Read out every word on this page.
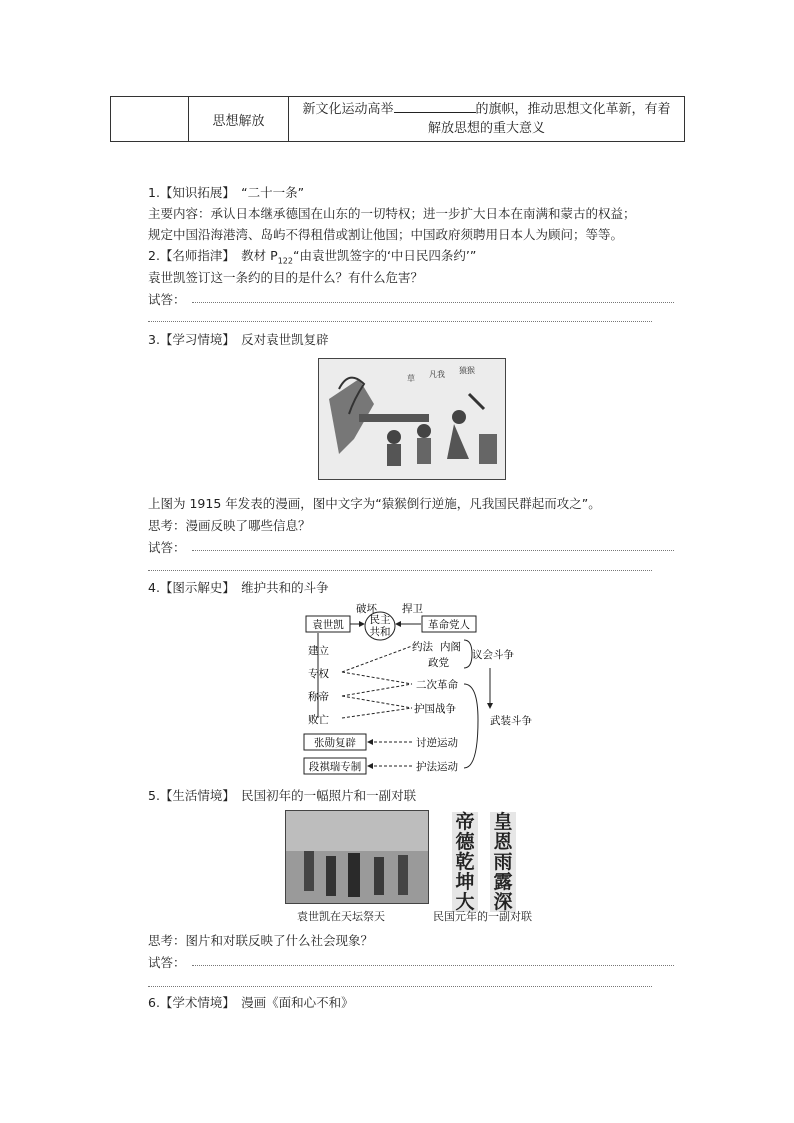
	思想解放	新文化运动高举	的旗帜，推动思想文化革新，有着
解放思想的重大意义
1.【知识拓展】　“二十一条”
主要内容：承认日本继承德国在山东的一切特权；进一步扩大日本在南满和蒙古的权益；
规定中国沿海港湾、岛屿不得租借或割让他国；中国政府须聘用日本人为顾问；等等。
2.【名师指津】　教材 $P_{122}“$由袁世凯签字的‘中日民四条约’”
袁世凯签订这一条约的目的是什么？有什么危害？
试答：
3.【学习情境】　反对袁世凯复辟
草 凡我 猿猴
上图为 1915 年发表的漫画，图中文字为“猿猴倒行逆施，凡我国民群起而攻之”。
思考：漫画反映了哪些信息？
试答：
4.【图示解史】　维护共和的斗争
袁世凯 民主
共和
革命党人
破坏 捍卫
建立
专权
称帝
败亡
约法 内阁
政党
二次革命
护国战争
议会斗争
武装斗争
张勋复辟
段祺瑞专制
讨逆运动
护法运动
5.【生活情境】　民国初年的一幅照片和一副对联
袁世凯在天坛祭天
帝德乾坤大
皇恩雨露深
民国元年的一副对联
思考：图片和对联反映了什么社会现象？
试答：
6.【学术情境】　漫画《面和心不和》
